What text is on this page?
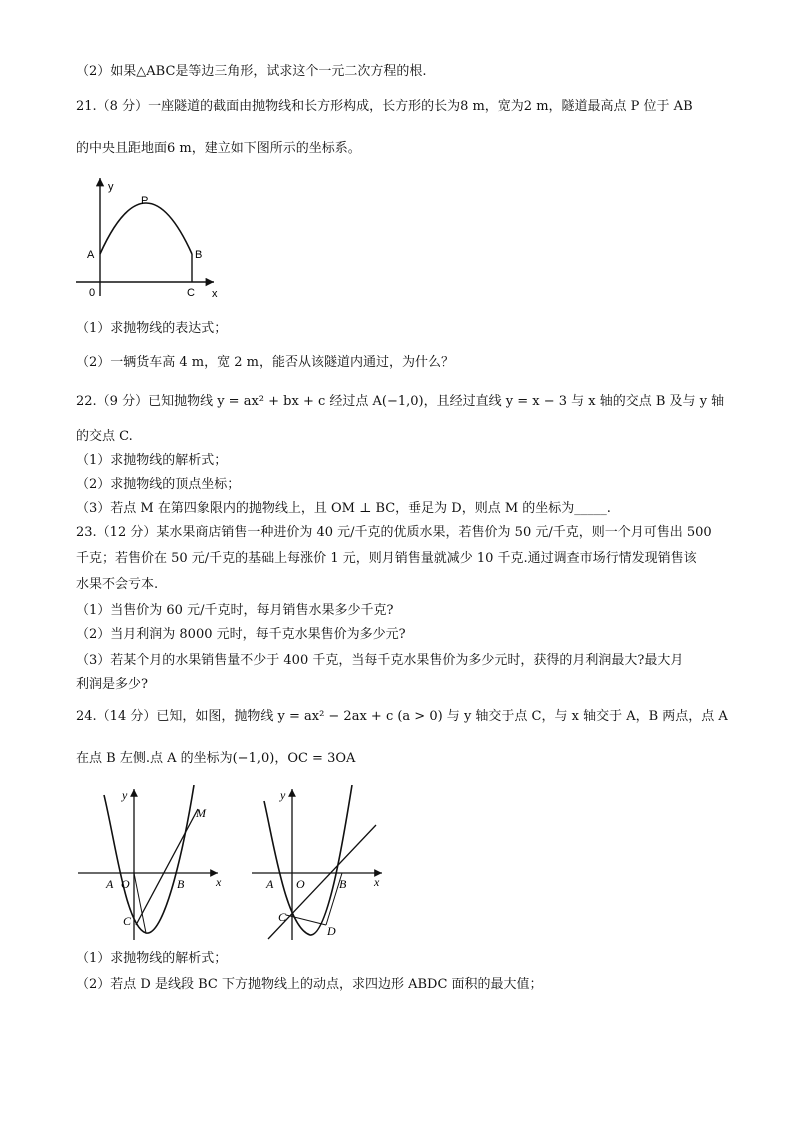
（2）如果△ABC是等边三角形，试求这个一元二次方程的根.
21.（8 分）一座隧道的截面由抛物线和长方形构成，长方形的长为8 m，宽为2 m，隧道最高点 P 位于 AB
的中央且距地面6 m，建立如下图所示的坐标系。
y
P
A	B
0	C x
（1）求抛物线的表达式；
（2）一辆货车高 4 m，宽 2 m，能否从该隧道内通过，为什么？
22.（9 分）已知抛物线 y = ax² + bx + c 经过点 A(−1,0)，且经过直线 y = x − 3 与 x 轴的交点 B 及与 y 轴
的交点 C.
（1）求抛物线的解析式；
（2）求抛物线的顶点坐标；
（3）若点 M 在第四象限内的抛物线上，且 OM ⊥ BC，垂足为 D，则点 M 的坐标为_____.
23.（12 分）某水果商店销售一种进价为 40 元/千克的优质水果，若售价为 50 元/千克，则一个月可售出 500
千克；若售价在 50 元/千克的基础上每涨价 1 元，则月销售量就减少 10 千克.通过调查市场行情发现销售该
水果不会亏本.
（1）当售价为 60 元/千克时，每月销售水果多少千克?
（2）当月利润为 8000 元时，每千克水果售价为多少元?
（3）若某个月的水果销售量不少于 400 千克，当每千克水果售价为多少元时，获得的月利润最大?最大月
利润是多少?
24.（14 分）已知，如图，抛物线 y = ax² − 2ax + c (a > 0) 与 y 轴交于点 C，与 x 轴交于 A，B 两点，点 A
在点 B 左侧.点 A 的坐标为(−1,0)，OC = 3OA
y
M
A O	B	x
C
y
A O	B x
C
D
（1）求抛物线的解析式；
（2）若点 D 是线段 BC 下方抛物线上的动点，求四边形 ABDC 面积的最大值；
